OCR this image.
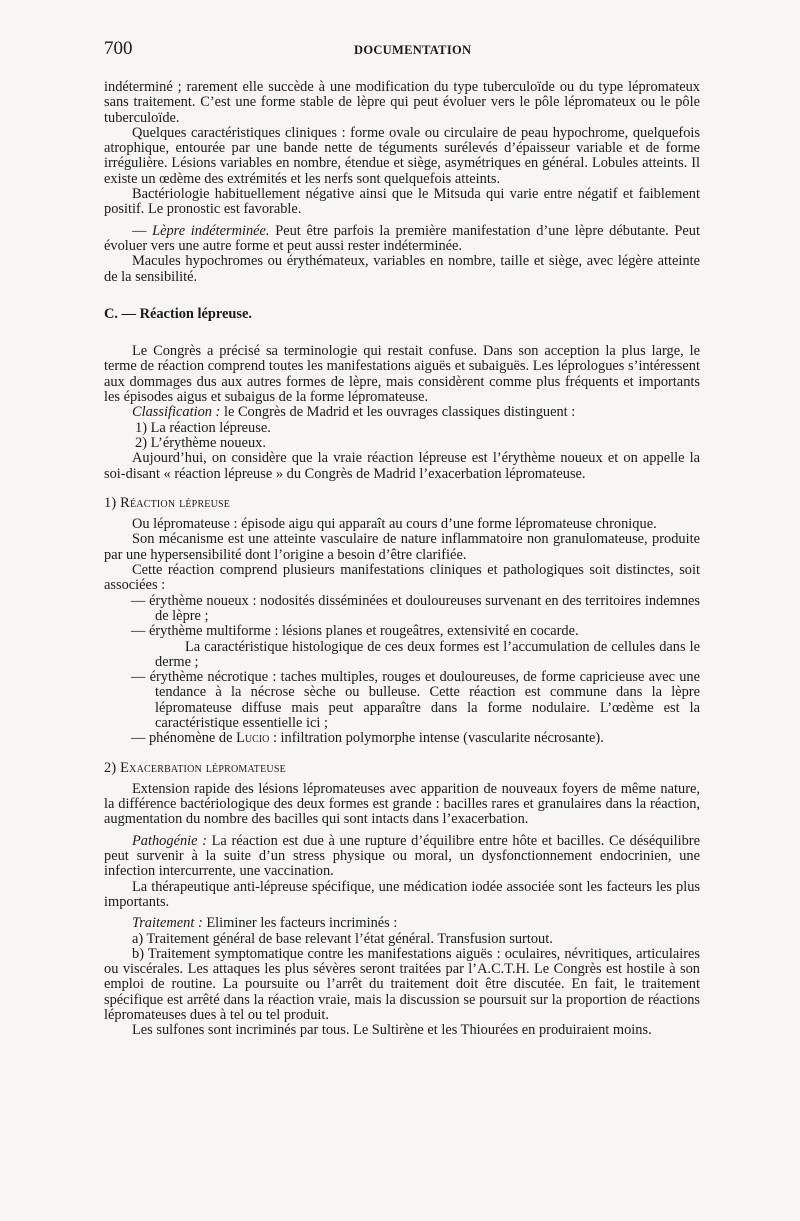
700	DOCUMENTATION

indéterminé ; rarement elle succède à une modification du type tuberculoïde ou du type lépromateux sans traitement. C’est une forme stable de lèpre qui peut évoluer vers le pôle lépromateux ou le pôle tuberculoïde.

Quelques caractéristiques cliniques : forme ovale ou circulaire de peau hypochrome, quelquefois atrophique, entourée par une bande nette de téguments surélevés d’épaisseur variable et de forme irrégulière. Lésions variables en nombre, étendue et siège, asymétriques en général. Lobules atteints. Il existe un œdème des extrémités et les nerfs sont quelquefois atteints.

Bactériologie habituellement négative ainsi que le Mitsuda qui varie entre négatif et faiblement positif. Le pronostic est favorable.

— Lèpre indéterminée. Peut être parfois la première manifestation d’une lèpre débutante. Peut évoluer vers une autre forme et peut aussi rester indéterminée.

Macules hypochromes ou érythémateux, variables en nombre, taille et siège, avec légère atteinte de la sensibilité.

C. — Réaction lépreuse.

Le Congrès a précisé sa terminologie qui restait confuse. Dans son acception la plus large, le terme de réaction comprend toutes les manifestations aiguës et subaiguës. Les léprologues s’intéressent aux dommages dus aux autres formes de lèpre, mais considèrent comme plus fréquents et importants les épisodes aigus et subaigus de la forme lépromateuse.

Classification : le Congrès de Madrid et les ouvrages classiques distinguent :

1) La réaction lépreuse.

2) L’érythème noueux.

Aujourd’hui, on considère que la vraie réaction lépreuse est l’érythème noueux et on appelle la soi-disant « réaction lépreuse » du Congrès de Madrid l’exacerbation lépromateuse.

1) Réaction lépreuse

Ou lépromateuse : épisode aigu qui apparaît au cours d’une forme lépromateuse chronique.

Son mécanisme est une atteinte vasculaire de nature inflammatoire non granulomateuse, produite par une hypersensibilité dont l’origine a besoin d’être clarifiée.

Cette réaction comprend plusieurs manifestations cliniques et pathologiques soit distinctes, soit associées :

— érythème noueux : nodosités disséminées et douloureuses survenant en des territoires indemnes de lèpre ;

— érythème multiforme : lésions planes et rougeâtres, extensivité en cocarde.

La caractéristique histologique de ces deux formes est l’accumulation de cellules dans le derme ;

— érythème nécrotique : taches multiples, rouges et douloureuses, de forme capricieuse avec une tendance à la nécrose sèche ou bulleuse. Cette réaction est commune dans la lèpre lépromateuse diffuse mais peut apparaître dans la forme nodulaire. L’œdème est la caractéristique essentielle ici ;

— phénomène de Lucio : infiltration polymorphe intense (vascularite nécrosante).

2) Exacerbation lépromateuse

Extension rapide des lésions lépromateuses avec apparition de nouveaux foyers de même nature, la différence bactériologique des deux formes est grande : bacilles rares et granulaires dans la réaction, augmentation du nombre des bacilles qui sont intacts dans l’exacerbation.

Pathogénie : La réaction est due à une rupture d’équilibre entre hôte et bacilles. Ce déséquilibre peut survenir à la suite d’un stress physique ou moral, un dysfonctionnement endocrinien, une infection intercurrente, une vaccination.

La thérapeutique anti-lépreuse spécifique, une médication iodée associée sont les facteurs les plus importants.

Traitement : Eliminer les facteurs incriminés :

a) Traitement général de base relevant l’état général. Transfusion surtout.

b) Traitement symptomatique contre les manifestations aiguës : oculaires, névritiques, articulaires ou viscérales. Les attaques les plus sévères seront traitées par l’A.C.T.H. Le Congrès est hostile à son emploi de routine. La poursuite ou l’arrêt du traitement doit être discutée. En fait, le traitement spécifique est arrêté dans la réaction vraie, mais la discussion se poursuit sur la proportion de réactions lépromateuses dues à tel ou tel produit.

Les sulfones sont incriminés par tous. Le Sultirène et les Thiourées en produiraient moins.
